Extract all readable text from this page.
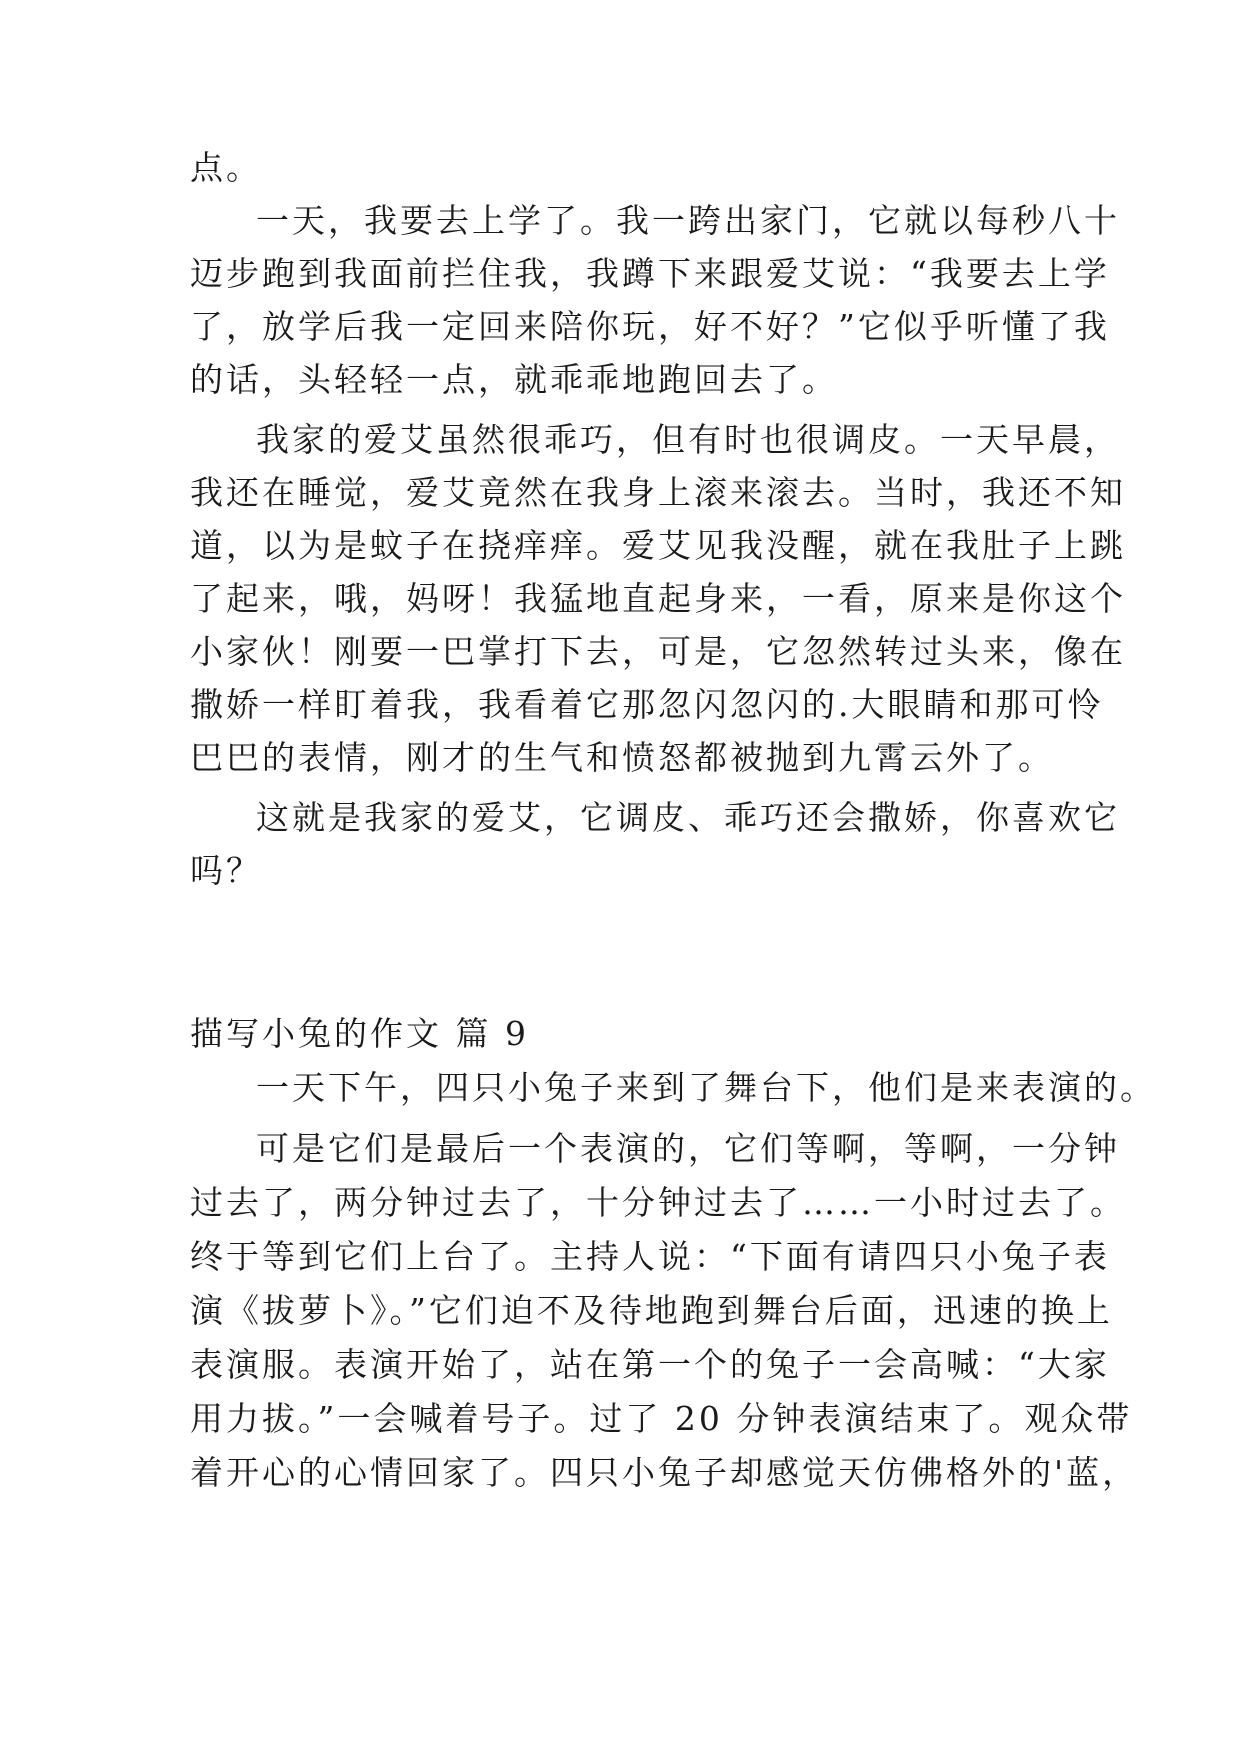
点。
一天，我要去上学了。我一跨出家门，它就以每秒八十
迈步跑到我面前拦住我，我蹲下来跟爱艾说：“我要去上学
了，放学后我一定回来陪你玩，好不好？”它似乎听懂了我
的话，头轻轻一点，就乖乖地跑回去了。
我家的爱艾虽然很乖巧，但有时也很调皮。一天早晨，
我还在睡觉，爱艾竟然在我身上滚来滚去。当时，我还不知
道，以为是蚊子在挠痒痒。爱艾见我没醒，就在我肚子上跳
了起来，哦，妈呀！我猛地直起身来，一看，原来是你这个
小家伙！刚要一巴掌打下去，可是，它忽然转过头来，像在
撒娇一样盯着我，我看着它那忽闪忽闪的.大眼睛和那可怜
巴巴的表情，刚才的生气和愤怒都被抛到九霄云外了。
这就是我家的爱艾，它调皮、乖巧还会撒娇，你喜欢它
吗？
描写小兔的作文 篇 9
一天下午，四只小兔子来到了舞台下，他们是来表演的。
可是它们是最后一个表演的，它们等啊，等啊，一分钟
过去了，两分钟过去了，十分钟过去了……一小时过去了。
终于等到它们上台了。主持人说：“下面有请四只小兔子表
演《拔萝卜》。”它们迫不及待地跑到舞台后面，迅速的换上
表演服。表演开始了，站在第一个的兔子一会高喊：“大家
用力拔。”一会喊着号子。过了 20 分钟表演结束了。观众带
着开心的心情回家了。四只小兔子却感觉天仿佛格外的'蓝，
